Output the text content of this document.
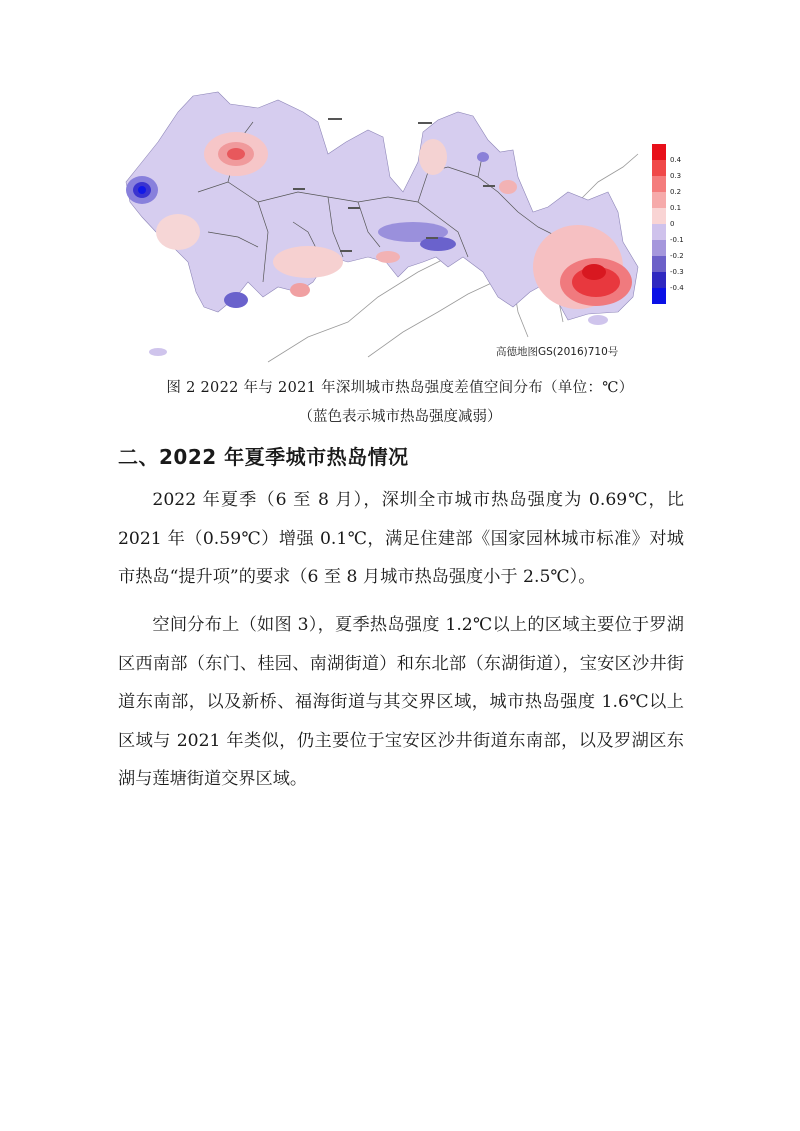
0.4
0.3
0.2
0.1
0
-0.1
-0.2
-0.3
-0.4
高德地图GS(2016)710号
图 2 2022 年与 2021 年深圳城市热岛强度差值空间分布（单位：℃）
（蓝色表示城市热岛强度减弱）
二、2022 年夏季城市热岛情况
2022 年夏季（6 至 8 月），深圳全市城市热岛强度为 0.69℃，比 2021 年（0.59℃）增强 0.1℃，满足住建部《国家园林城市标准》对城市热岛“提升项”的要求（6 至 8 月城市热岛强度小于 2.5℃）。
空间分布上（如图 3），夏季热岛强度 1.2℃以上的区域主要位于罗湖区西南部（东门、桂园、南湖街道）和东北部（东湖街道），宝安区沙井街道东南部，以及新桥、福海街道与其交界区域，城市热岛强度 1.6℃以上区域与 2021 年类似，仍主要位于宝安区沙井街道东南部，以及罗湖区东湖与莲塘街道交界区域。
